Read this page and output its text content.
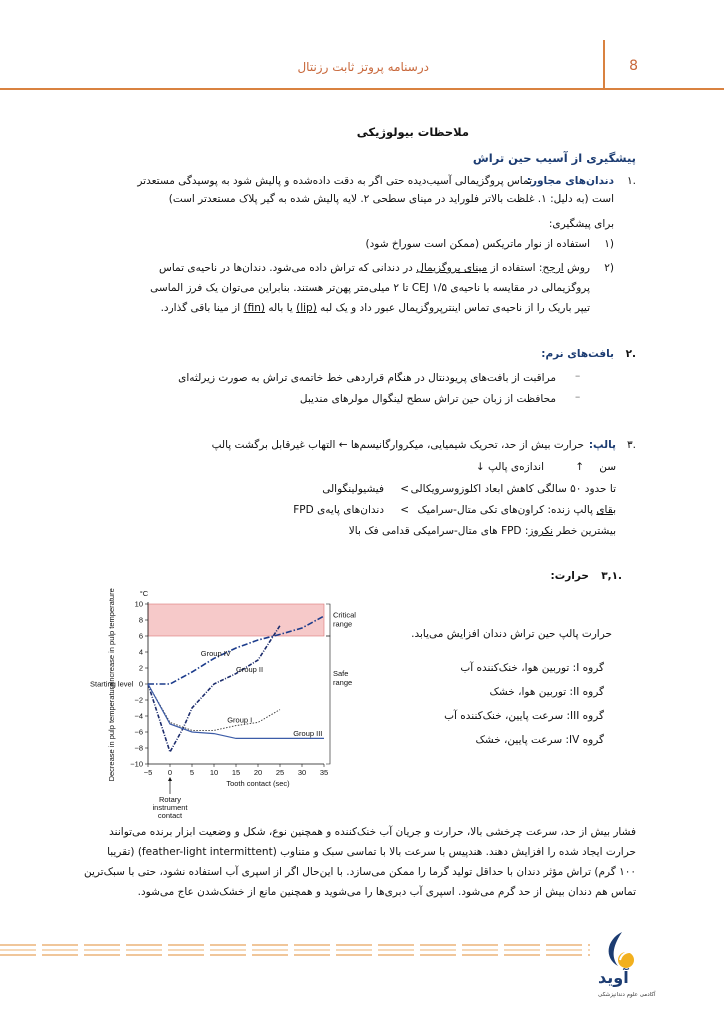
درسنامه پروتز ثابت رزنتال	8
ملاحظات بیولوژیکی
پیشگیری از آسیب حین تراش
.۱
دندان‌های مجاور:
تماس پروگزیمالی آسیب‌دیده حتی اگر به دقت داده‌شده و پالیش شود به پوسیدگی مستعدتر
است (به دلیل: ۱. غلظت بالاتر فلوراید در مینای سطحی ۲. لایه پالیش شده به گیر پلاک مستعدتر است)
برای پیشگیری:
(۱
استفاده از نوار ماتریکس (ممکن است سوراخ شود)
(۲
روش ارجح: استفاده از مینای پروگزیمال در دندانی که تراش داده می‌شود. دندان‌ها در ناحیه‌ی تماس
پروگزیمالی در مقایسه با ناحیه‌ی CEJ ۱/۵ تا ۲ میلی‌متر پهن‌تر هستند. بنابراین می‌توان یک فرز الماسی
تیپر باریک را از ناحیه‌ی تماس اینترپروگزیمال عبور داد و یک لبه (lip) یا باله (fin) از مینا باقی گذارد.
.۲
بافت‌های نرم:
–
مراقبت از بافت‌های پریودنتال در هنگام قراردهی خط خاتمه‌ی تراش به صورت زیرلثه‌ای
–
محافظت از زبان حین تراش سطح لینگوال مولرهای مندیبل
.۳
پالپ:
حرارت بیش از حد، تحریک شیمیایی، میکروارگانیسم‌ها ← التهاب غیرقابل برگشت پالپ
سن
↑
اندازه‌ی پالپ ↓
تا حدود ۵۰ سالگی کاهش ابعاد اکلوزوسرویکالی
>
فیشیولینگوالی
بقای پالپ زنده: کراون‌های تکی متال-سرامیک
>
دندان‌های پایه‌ی FPD
بیشترین خطر نکروز: FPD های متال-سرامیکی قدامی فک بالا
.۳,۱
حرارت:
10
8
6
4
2
0
−2
−4
−6
−8
−10
−5 0 5 10 15 20 25 30 35
°C
Increase in pulp temperature
Decrease in pulp temperature
Starting level
Tooth contact (sec)
Rotary
instrument
contact
Critical
range
Safe
range
Group IV
Group II
Group I
Group III
حرارت پالپ حین تراش دندان افزایش می‌یابد.
گروه I: توربین هوا، خنک‌کننده آب
گروه II: توربین هوا، خشک
گروه III: سرعت پایین، خنک‌کننده آب
گروه IV: سرعت پایین، خشک
فشار بیش از حد، سرعت چرخشی بالا، حرارت و جریان آب خنک‌کننده و همچنین نوع، شکل و وضعیت ابزار برنده می‌توانند
حرارت ایجاد شده را افزایش دهند. هندپیس با سرعت بالا با تماسی سبک و متناوب (feather-light intermittent) (تقریبا
۱۰۰ گرم) تراش مؤثر دندان با حداقل تولید گرما را ممکن می‌سازد. با این‌حال اگر از اسپری آب استفاده نشود، حتی با سبک‌ترین
تماس هم دندان بیش از حد گرم می‌شود. اسپری آب دبری‌ها را می‌شوید و همچنین مانع از خشک‌شدن عاج می‌شود.
آوید
آکادمی علوم دندانپزشکی
